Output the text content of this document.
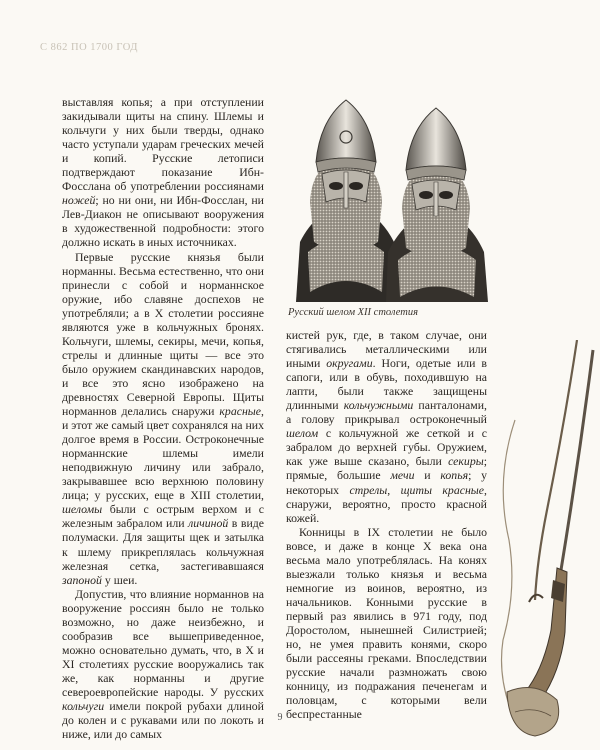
С 862 ПО 1700 ГОД

выставляя копья; а при отступлении закидывали щиты на спину. Шлемы и кольчуги у них были тверды, однако часто уступали ударам греческих мечей и копий. Русские летописи подтверждают показание Ибн-Фосслана об употреблении россиянами ножей; но ни они, ни Ибн-Фосслан, ни Лев-Диакон не описывают вооружения в художественной подробности: этого должно искать в иных источниках.

Первые русские князья были норманны. Весьма естественно, что они принесли с собой и норманнское оружие, ибо славяне доспехов не употребляли; а в X столетии россияне являются уже в кольчужных бронях. Кольчуги, шлемы, секиры, мечи, копья, стрелы и длинные щиты — все это было оружием скандинавских народов, и все это ясно изображено на древностях Северной Европы. Щиты норманнов делались снаружи красные, и этот же самый цвет сохранялся на них долгое время в России. Остроконечные норманнские шлемы имели неподвижную личину или забрало, закрывавшее всю верхнюю половину лица; у русских, еще в XIII столетии, шеломы были с острым верхом и с железным забралом или личиной в виде полумаски. Для защиты щек и затылка к шлему прикреплялась кольчужная железная сетка, застегивавшаяся запоной у шеи.

Допустив, что влияние норманнов на вооружение россиян было не только возможно, но даже неизбежно, и сообразив все вышеприведенное, можно основательно думать, что, в X и XI столетиях русские вооружались так же, как норманны и другие североевропейские народы. У русских кольчуги имели покрой рубахи длиной до колен и с рукавами или по локоть и ниже, или до самых

Русский шелом XII столетия

кистей рук, где, в таком случае, они стягивались металлическими или иными округами. Ноги, одетые или в сапоги, или в обувь, походившую на лапти, были также защищены длинными кольчужными панталонами, а голову прикрывал остроконечный шелом с кольчужной же сеткой и с забралом до верхней губы. Оружием, как уже выше сказано, были секиры; прямые, большие мечи и копья; у некоторых стрелы, щиты красные, снаружи, вероятно, просто красной кожей.

Конницы в IX столетии не было вовсе, и даже в конце X века она весьма мало употреблялась. На конях выезжали только князья и весьма немногие из воинов, вероятно, из начальников. Конными русские в первый раз явились в 971 году, под Доростолом, нынешней Силистрией; но, не умея править конями, скоро были рассеяны греками. Впоследствии русские начали размножать свою конницу, из подражания печенегам и половцам, с которыми вели беспрестанные

9
